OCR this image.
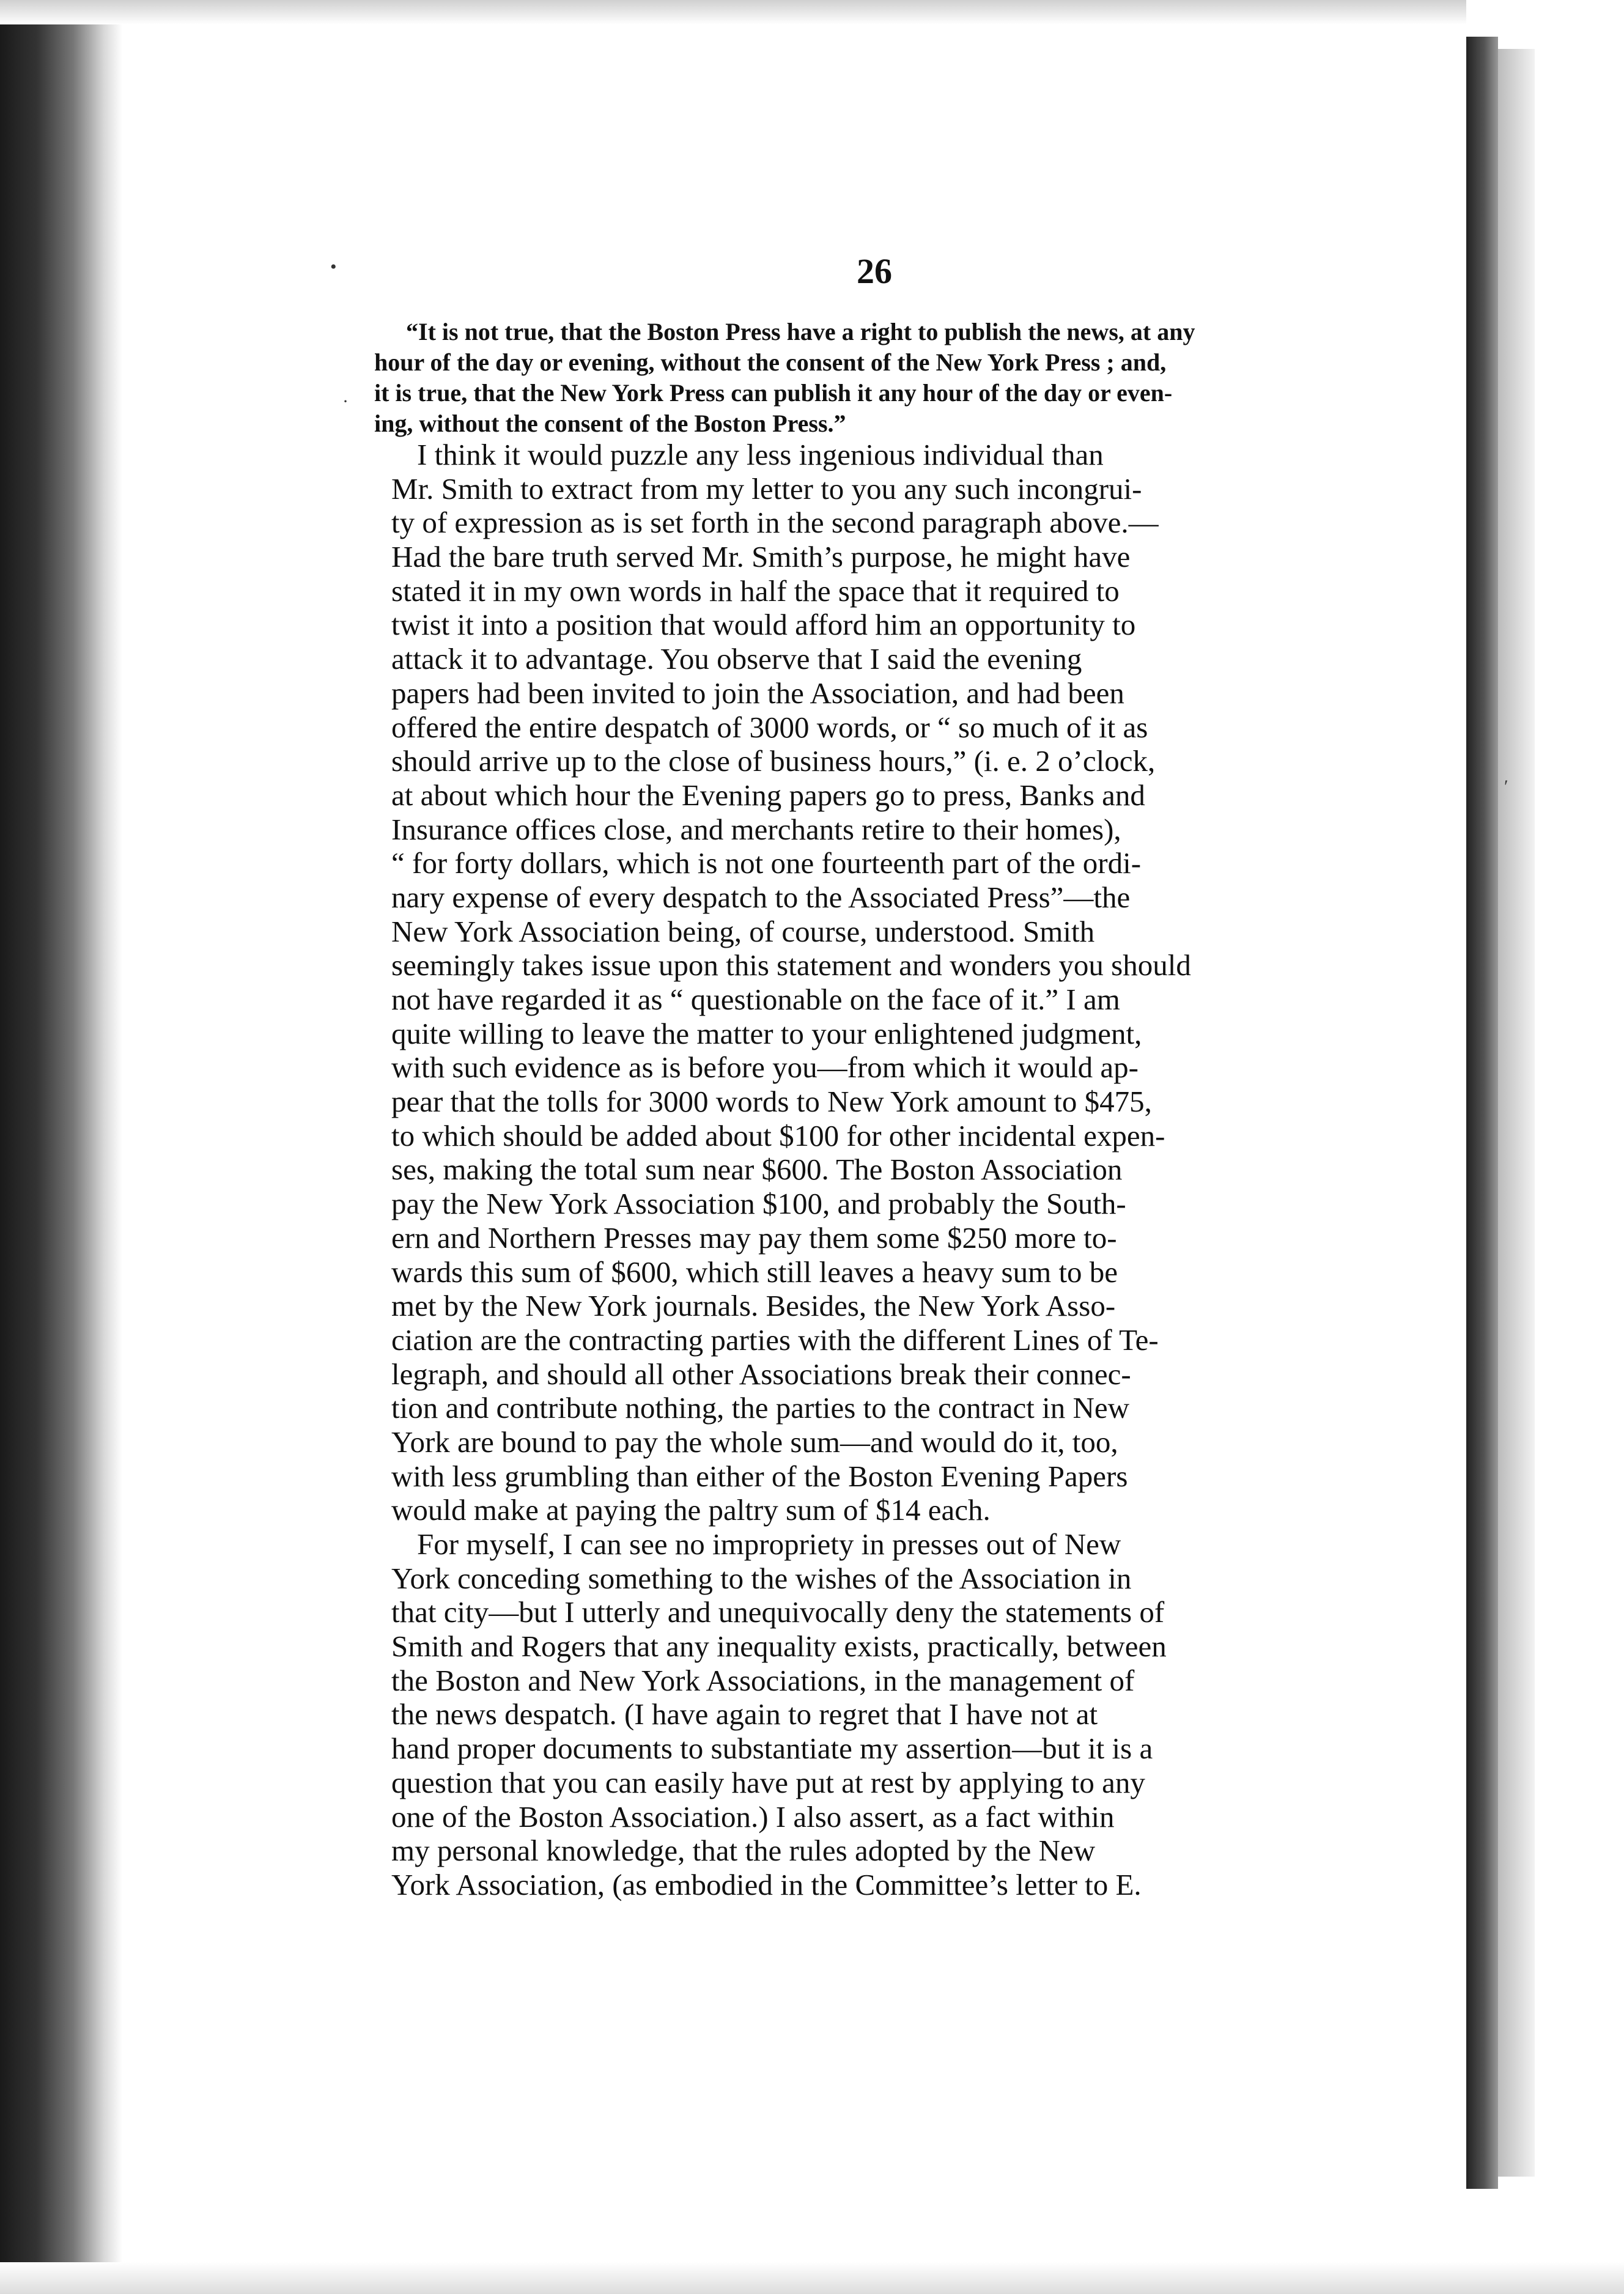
•
·
ʹ
26
“It is not true, that the Boston Press have a right to publish the news, at any
hour of the day or evening, without the consent of the New York Press ; and,
it is true, that the New York Press can publish it any hour of the day or even-
ing, without the consent of the Boston Press.”
I think it would puzzle any less ingenious individual than
Mr. Smith to extract from my letter to you any such incongrui-
ty of expression as is set forth in the second paragraph above.—
Had the bare truth served Mr. Smith’s purpose, he might have
stated it in my own words in half the space that it required to
twist it into a position that would afford him an opportunity to
attack it to advantage. You observe that I said the evening
papers had been invited to join the Association, and had been
offered the entire despatch of 3000 words, or “ so much of it as
should arrive up to the close of business hours,” (i. e. 2 o’clock,
at about which hour the Evening papers go to press, Banks and
Insurance offices close, and merchants retire to their homes),
“ for forty dollars, which is not one fourteenth part of the ordi-
nary expense of every despatch to the Associated Press”—the
New York Association being, of course, understood. Smith
seemingly takes issue upon this statement and wonders you should
not have regarded it as “ questionable on the face of it.” I am
quite willing to leave the matter to your enlightened judgment,
with such evidence as is before you—from which it would ap-
pear that the tolls for 3000 words to New York amount to $475,
to which should be added about $100 for other incidental expen-
ses, making the total sum near $600. The Boston Association
pay the New York Association $100, and probably the South-
ern and Northern Presses may pay them some $250 more to-
wards this sum of $600, which still leaves a heavy sum to be
met by the New York journals. Besides, the New York Asso-
ciation are the contracting parties with the different Lines of Te-
legraph, and should all other Associations break their connec-
tion and contribute nothing, the parties to the contract in New
York are bound to pay the whole sum—and would do it, too,
with less grumbling than either of the Boston Evening Papers
would make at paying the paltry sum of $14 each.
For myself, I can see no impropriety in presses out of New
York conceding something to the wishes of the Association in
that city—but I utterly and unequivocally deny the statements of
Smith and Rogers that any inequality exists, practically, between
the Boston and New York Associations, in the management of
the news despatch. (I have again to regret that I have not at
hand proper documents to substantiate my assertion—but it is a
question that you can easily have put at rest by applying to any
one of the Boston Association.) I also assert, as a fact within
my personal knowledge, that the rules adopted by the New
York Association, (as embodied in the Committee’s letter to E.
